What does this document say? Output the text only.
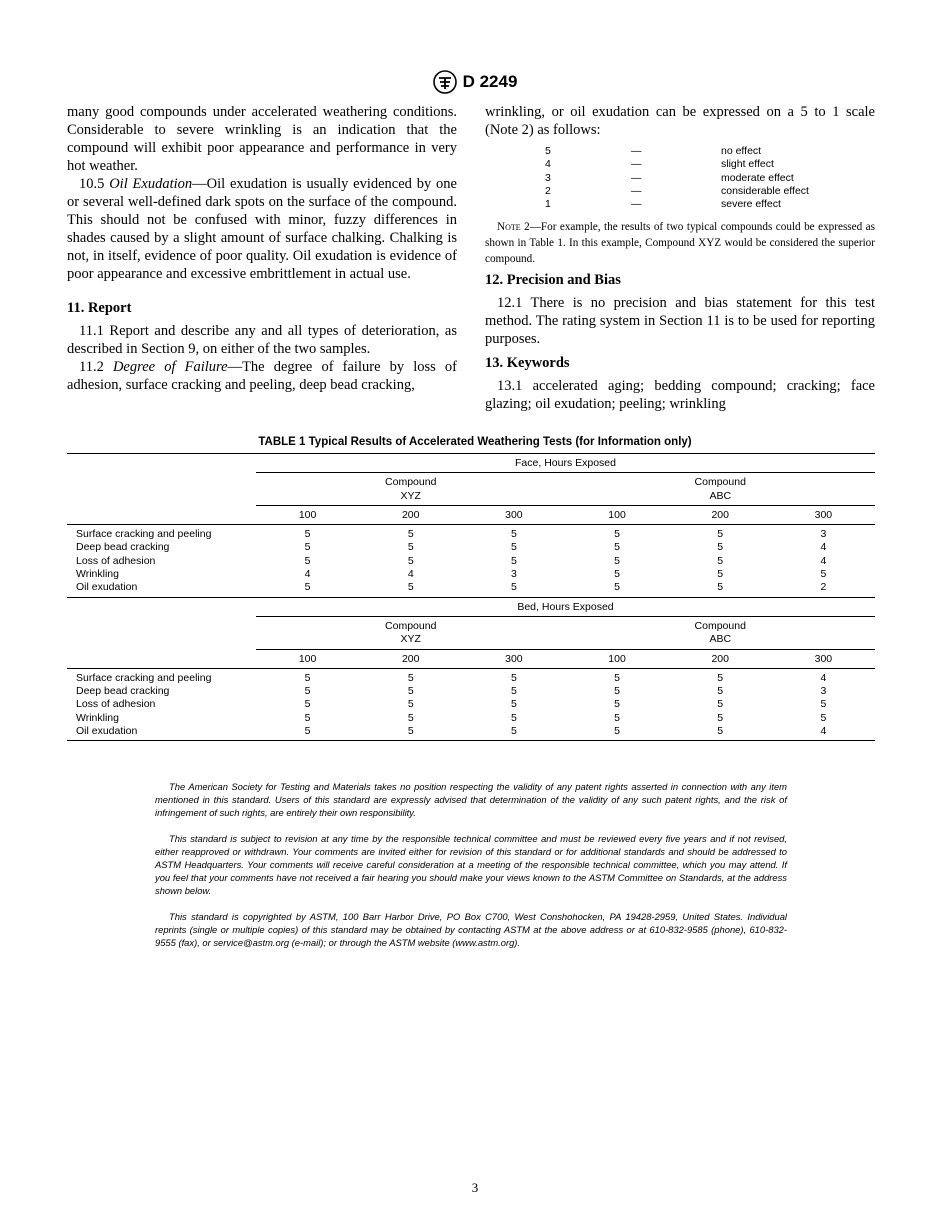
D 2249

many good compounds under accelerated weathering conditions. Considerable to severe wrinkling is an indication that the compound will exhibit poor appearance and performance in very hot weather.

10.5 Oil Exudation—Oil exudation is usually evidenced by one or several well-defined dark spots on the surface of the compound. This should not be confused with minor, fuzzy differences in shades caused by a slight amount of surface chalking. Chalking is not, in itself, evidence of poor quality. Oil exudation is evidence of poor appearance and excessive embrittlement in actual use.

11. Report

11.1 Report and describe any and all types of deterioration, as described in Section 9, on either of the two samples.

11.2 Degree of Failure—The degree of failure by loss of adhesion, surface cracking and peeling, deep bead cracking,

wrinkling, or oil exudation can be expressed on a 5 to 1 scale (Note 2) as follows:

5	—	no effect
4	—	slight effect
3	—	moderate effect
2	—	considerable effect
1	—	severe effect

Note 2—For example, the results of two typical compounds could be expressed as shown in Table 1. In this example, Compound XYZ would be considered the superior compound.

12. Precision and Bias

12.1 There is no precision and bias statement for this test method. The rating system in Section 11 is to be used for reporting purposes.

13. Keywords

13.1 accelerated aging; bedding compound; cracking; face glazing; oil exudation; peeling; wrinkling

TABLE 1 Typical Results of Accelerated Weathering Tests (for Information only)
	Face, Hours Exposed					
	Compound
XYZ			Compound
ABC		
	100	200	300	100	200	300
Surface cracking and peeling	5	5	5	5	5	3
Deep bead cracking	5	5	5	5	5	4
Loss of adhesion	5	5	5	5	5	4
Wrinkling	4	4	3	5	5	5
Oil exudation	5	5	5	5	5	2
	Bed, Hours Exposed					
	Compound
XYZ			Compound
ABC		
	100	200	300	100	200	300
Surface cracking and peeling	5	5	5	5	5	4
Deep bead cracking	5	5	5	5	5	3
Loss of adhesion	5	5	5	5	5	5
Wrinkling	5	5	5	5	5	5
Oil exudation	5	5	5	5	5	4

The American Society for Testing and Materials takes no position respecting the validity of any patent rights asserted in connection with any item mentioned in this standard. Users of this standard are expressly advised that determination of the validity of any such patent rights, and the risk of infringement of such rights, are entirely their own responsibility.

This standard is subject to revision at any time by the responsible technical committee and must be reviewed every five years and if not revised, either reapproved or withdrawn. Your comments are invited either for revision of this standard or for additional standards and should be addressed to ASTM Headquarters. Your comments will receive careful consideration at a meeting of the responsible technical committee, which you may attend. If you feel that your comments have not received a fair hearing you should make your views known to the ASTM Committee on Standards, at the address shown below.

This standard is copyrighted by ASTM, 100 Barr Harbor Drive, PO Box C700, West Conshohocken, PA 19428-2959, United States. Individual reprints (single or multiple copies) of this standard may be obtained by contacting ASTM at the above address or at 610-832-9585 (phone), 610-832-9555 (fax), or service@astm.org (e-mail); or through the ASTM website (www.astm.org).

3
